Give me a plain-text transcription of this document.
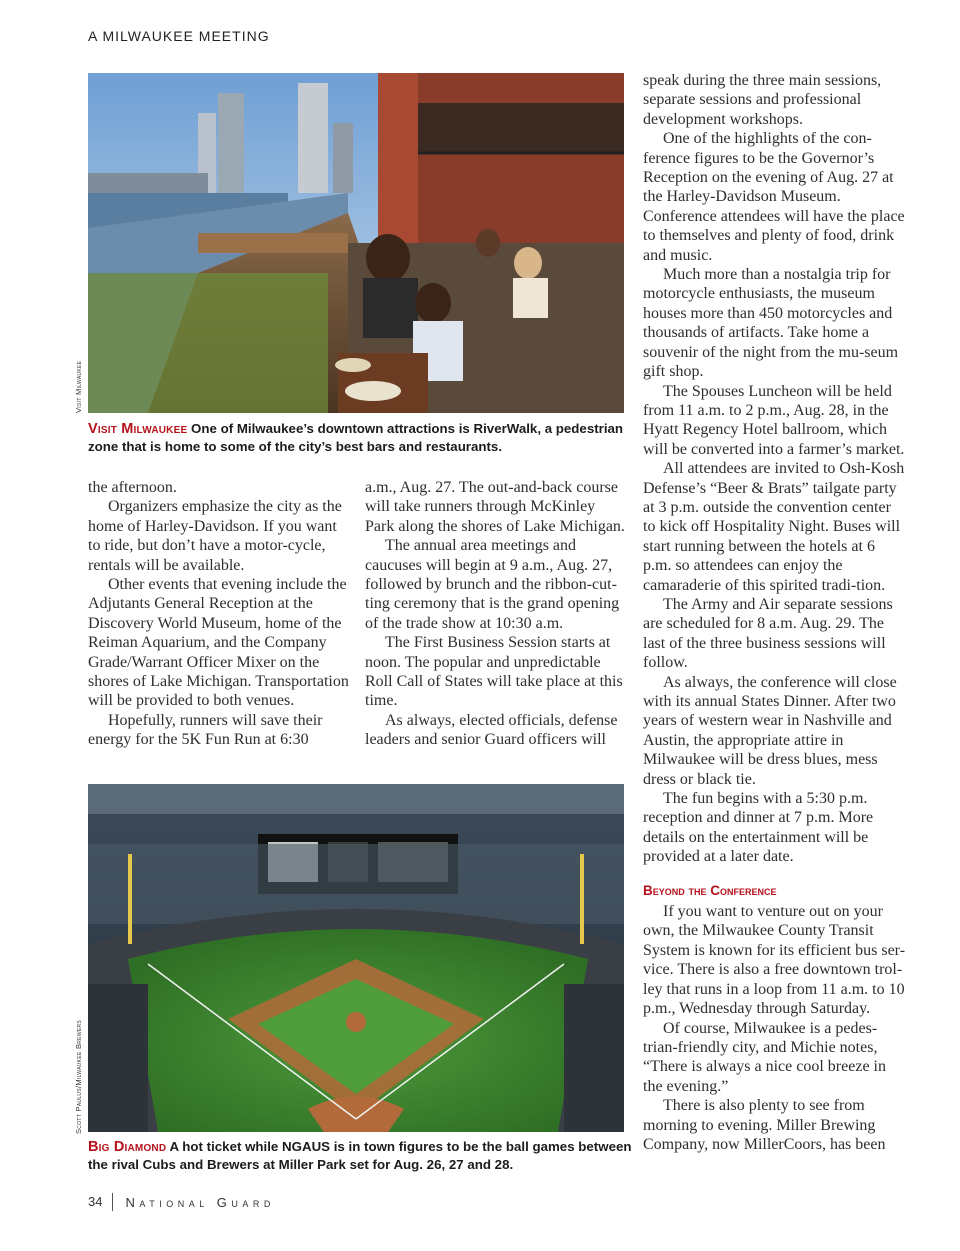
A MILWAUKEE MEETING
Visit Milwaukee
Visit Milwaukee One of Milwaukee’s downtown attractions is RiverWalk, a pedestrian zone that is home to some of the city’s best bars and restaurants.

the afternoon.

Organizers emphasize the city as the home of Harley-Davidson. If you want to ride, but don’t have a motor-cycle, rentals will be available.

Other events that evening include the Adjutants General Reception at the Discovery World Museum, home of the Reiman Aquarium, and the Company Grade/Warrant Officer Mixer on the shores of Lake Michigan. Transportation will be provided to both venues.

Hopefully, runners will save their energy for the 5K Fun Run at 6:30

a.m., Aug. 27. The out-and-back course will take runners through McKinley Park along the shores of Lake Michigan.

The annual area meetings and caucuses will begin at 9 a.m., Aug. 27, followed by brunch and the ribbon-cut-ting ceremony that is the grand opening of the trade show at 10:30 a.m.

The First Business Session starts at noon. The popular and unpredictable Roll Call of States will take place at this time.

As always, elected officials, defense leaders and senior Guard officers will

Scott Paulus/Milwaukee Brewers
Big Diamond A hot ticket while NGAUS is in town figures to be the ball games between the rival Cubs and Brewers at Miller Park set for Aug. 26, 27 and 28.

speak during the three main sessions, separate sessions and professional development workshops.

One of the highlights of the con-ference figures to be the Governor’s Reception on the evening of Aug. 27 at the Harley-Davidson Museum. Conference attendees will have the place to themselves and plenty of food, drink and music.

Much more than a nostalgia trip for motorcycle enthusiasts, the museum houses more than 450 motorcycles and thousands of artifacts. Take home a souvenir of the night from the mu-seum gift shop.

The Spouses Luncheon will be held from 11 a.m. to 2 p.m., Aug. 28, in the Hyatt Regency Hotel ballroom, which will be converted into a farmer’s market.

All attendees are invited to Osh-Kosh Defense’s “Beer & Brats” tailgate party at 3 p.m. outside the convention center to kick off Hospitality Night. Buses will start running between the hotels at 6 p.m. so attendees can enjoy the camaraderie of this spirited tradi-tion.

The Army and Air separate sessions are scheduled for 8 a.m. Aug. 29. The last of the three business sessions will follow.

As always, the conference will close with its annual States Dinner. After two years of western wear in Nashville and Austin, the appropriate attire in Milwaukee will be dress blues, mess dress or black tie.

The fun begins with a 5:30 p.m. reception and dinner at 7 p.m. More details on the entertainment will be provided at a later date.

Beyond the Conference

If you want to venture out on your own, the Milwaukee County Transit System is known for its efficient bus ser-vice. There is also a free downtown trol-ley that runs in a loop from 11 a.m. to 10 p.m., Wednesday through Saturday.

Of course, Milwaukee is a pedes-trian-friendly city, and Michie notes, “There is always a nice cool breeze in the evening.”

There is also plenty to see from morning to evening. Miller Brewing Company, now MillerCoors, has been

34	National Guard
